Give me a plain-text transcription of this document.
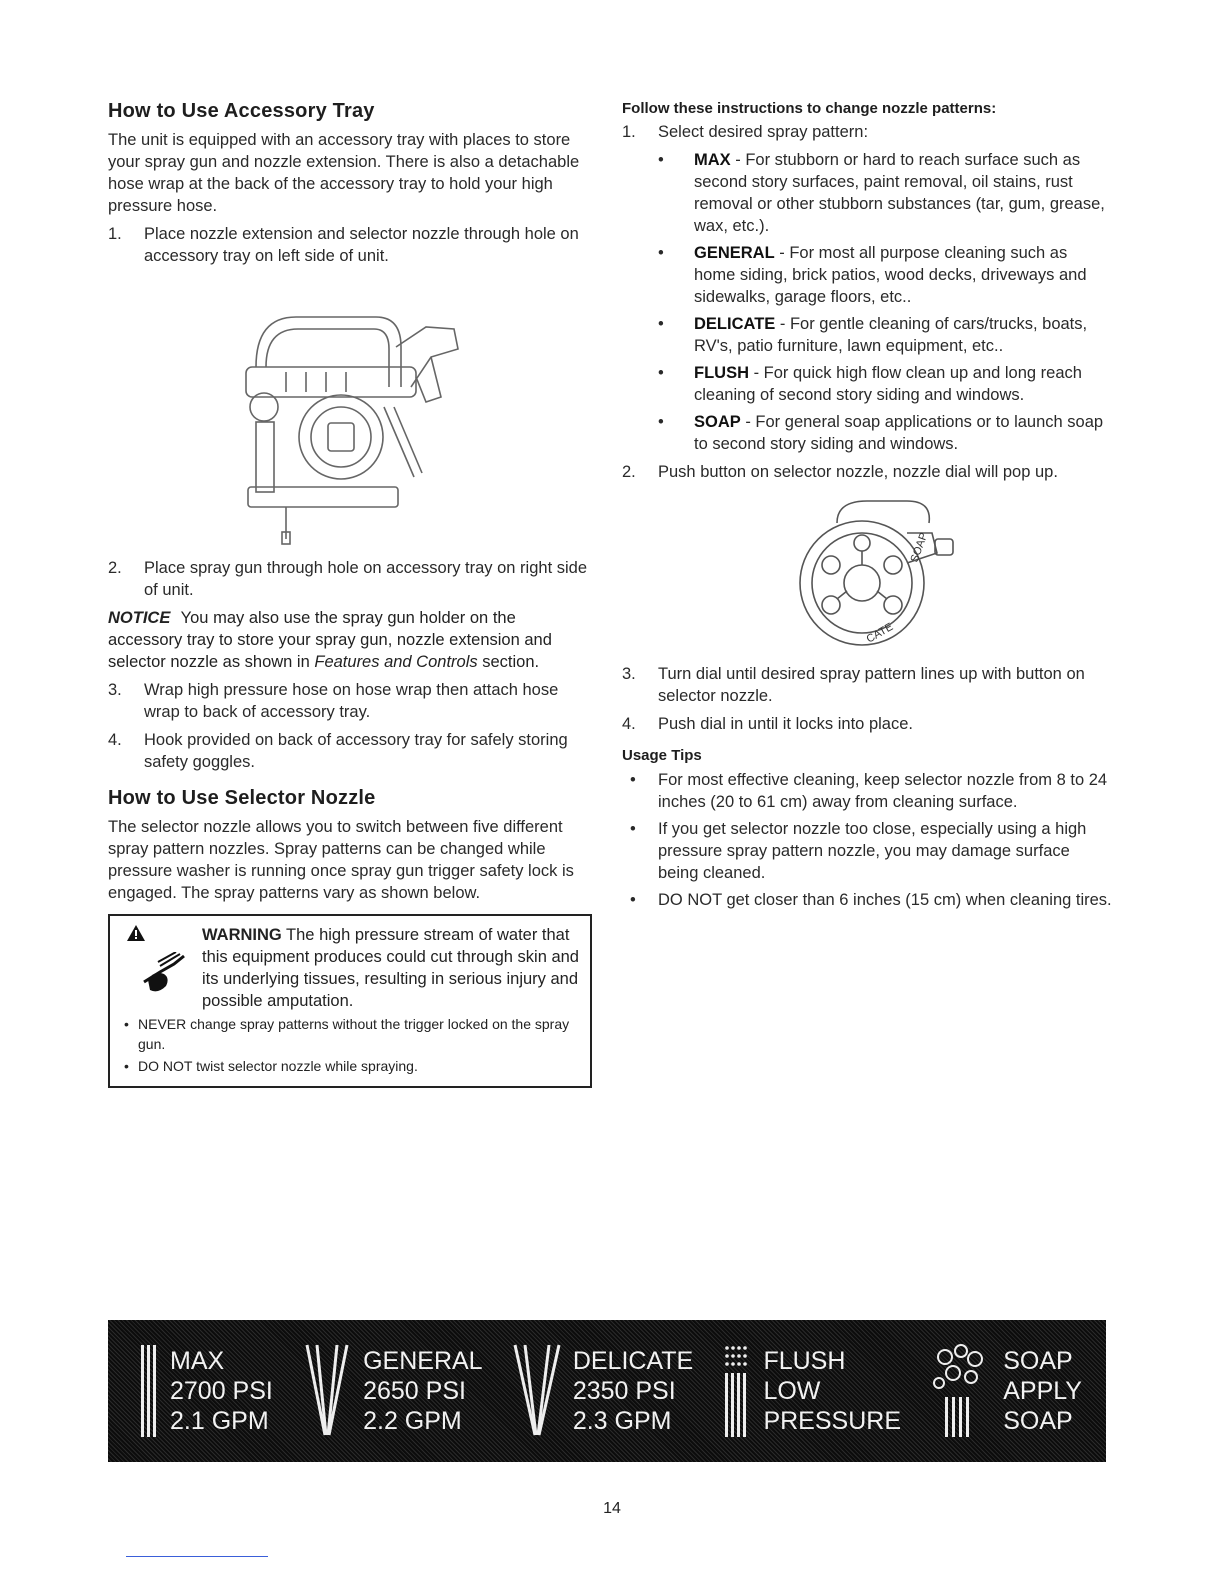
How to Use Accessory Tray

The unit is equipped with an accessory tray with places to store your spray gun and nozzle extension. There is also a detachable hose wrap at the back of the accessory tray to hold your high pressure hose.

1. Place nozzle extension and selector nozzle through hole on accessory tray on left side of unit.
2. Place spray gun through hole on accessory tray on right side of unit.
NOTICE You may also use the spray gun holder on the accessory tray to store your spray gun, nozzle extension and selector nozzle as shown in Features and Controls section.
3. Wrap high pressure hose on hose wrap then attach hose wrap to back of accessory tray.
4. Hook provided on back of accessory tray for safely storing safety goggles.
How to Use Selector Nozzle

The selector nozzle allows you to switch between five different spray pattern nozzles. Spray patterns can be changed while pressure washer is running once spray gun trigger safety lock is engaged. The spray patterns vary as shown below.

WARNING The high pressure stream of water that this equipment produces could cut through skin and its underlying tissues, resulting in serious injury and possible amputation.
• NEVER change spray patterns without the trigger locked on the spray gun.
• DO NOT twist selector nozzle while spraying.
Follow these instructions to change nozzle patterns:
1. Select desired spray pattern:
• MAX - For stubborn or hard to reach surface such as second story surfaces, paint removal, oil stains, rust removal or other stubborn substances (tar, gum, grease, wax, etc.).
• GENERAL - For most all purpose cleaning such as home siding, brick patios, wood decks, driveways and sidewalks, garage floors, etc..
• DELICATE - For gentle cleaning of cars/trucks, boats, RV's, patio furniture, lawn equipment, etc..
• FLUSH - For quick high flow clean up and long reach cleaning of second story siding and windows.
• SOAP - For general soap applications or to launch soap to second story siding and windows.
2. Push button on selector nozzle, nozzle dial will pop up.
SOAP
CATE
3. Turn dial until desired spray pattern lines up with button on selector nozzle.
4. Push dial in until it locks into place.
Usage Tips
• For most effective cleaning, keep selector nozzle from 8 to 24 inches (20 to 61 cm) away from cleaning surface.
• If you get selector nozzle too close, especially using a high pressure spray pattern nozzle, you may damage surface being cleaned.
• DO NOT get closer than 6 inches (15 cm) when cleaning tires.
MAX
2700 PSI
2.1 GPM
GENERAL
2650 PSI
2.2 GPM
DELICATE
2350 PSI
2.3 GPM
FLUSH
LOW
PRESSURE
SOAP
APPLY
SOAP
14
